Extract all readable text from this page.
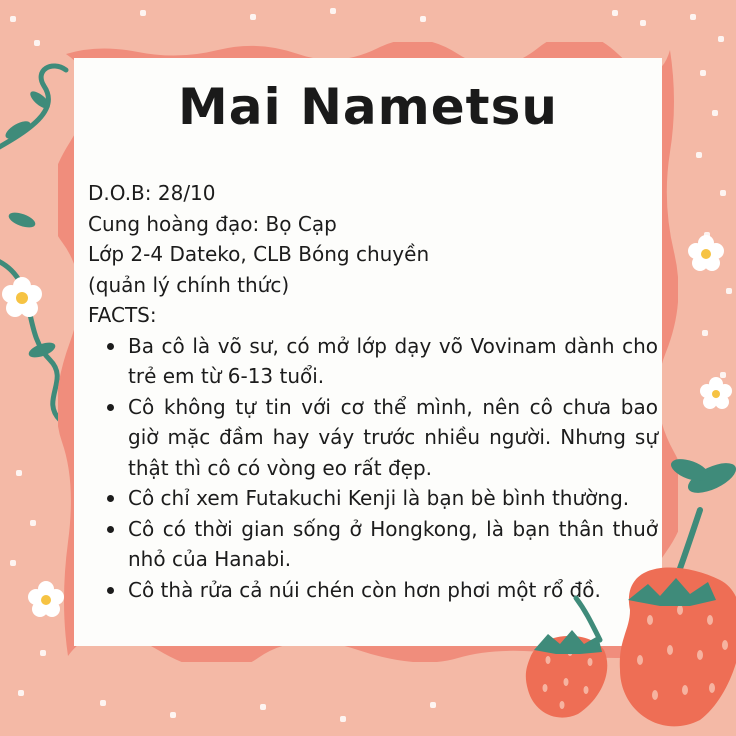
Mai Nametsu
D.O.B: 28/10
Cung hoàng đạo: Bọ Cạp
Lớp 2-4 Dateko, CLB Bóng chuyền
(quản lý chính thức)
FACTS:
Ba cô là võ sư, có mở lớp dạy võ Vovinam dành cho trẻ em từ 6-13 tuổi.
Cô không tự tin với cơ thể mình, nên cô chưa bao giờ mặc đầm hay váy trước nhiều người. Nhưng sự thật thì cô có vòng eo rất đẹp.
Cô chỉ xem Futakuchi Kenji là bạn bè bình thường.
Cô có thời gian sống ở Hongkong, là bạn thân thuở nhỏ của Hanabi.
Cô thà rửa cả núi chén còn hơn phơi một rổ đồ.
